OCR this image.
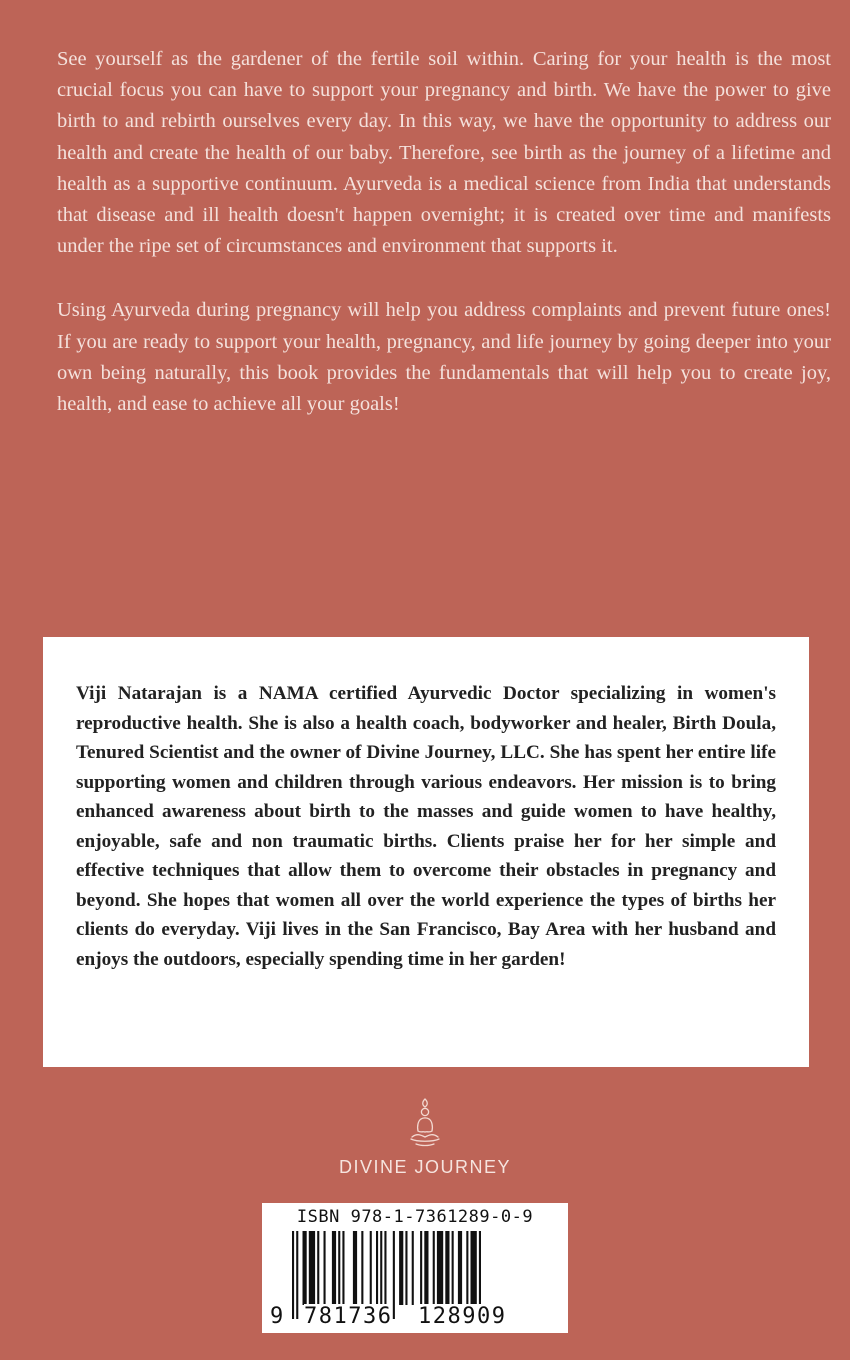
See yourself as the gardener of the fertile soil within. Caring for your health is the most crucial focus you can have to support your pregnancy and birth. We have the power to give birth to and rebirth ourselves every day. In this way, we have the opportunity to address our health and create the health of our baby. Therefore, see birth as the journey of a lifetime and health as a supportive continuum. Ayurveda is a medical science from India that understands that disease and ill health doesn't happen overnight; it is created over time and manifests under the ripe set of circumstances and environment that supports it.

Using Ayurveda during pregnancy will help you address complaints and prevent future ones! If you are ready to support your health, pregnancy, and life journey by going deeper into your own being naturally, this book provides the fundamentals that will help you to create joy, health, and ease to achieve all your goals!

Viji Natarajan is a NAMA certified Ayurvedic Doctor specializing in women's reproductive health. She is also a health coach, bodyworker and healer, Birth Doula, Tenured Scientist and the owner of Divine Journey, LLC. She has spent her entire life supporting women and children through various endeavors. Her mission is to bring enhanced awareness about birth to the masses and guide women to have healthy, enjoyable, safe and non traumatic births. Clients praise her for her simple and effective techniques that allow them to overcome their obstacles in pregnancy and beyond. She hopes that women all over the world experience the types of births her clients do everyday. Viji lives in the San Francisco, Bay Area with her husband and enjoys the outdoors, especially spending time in her garden!

DIVINE JOURNEY
ISBN 978-1-7361289-0-9
9 781736 128909
